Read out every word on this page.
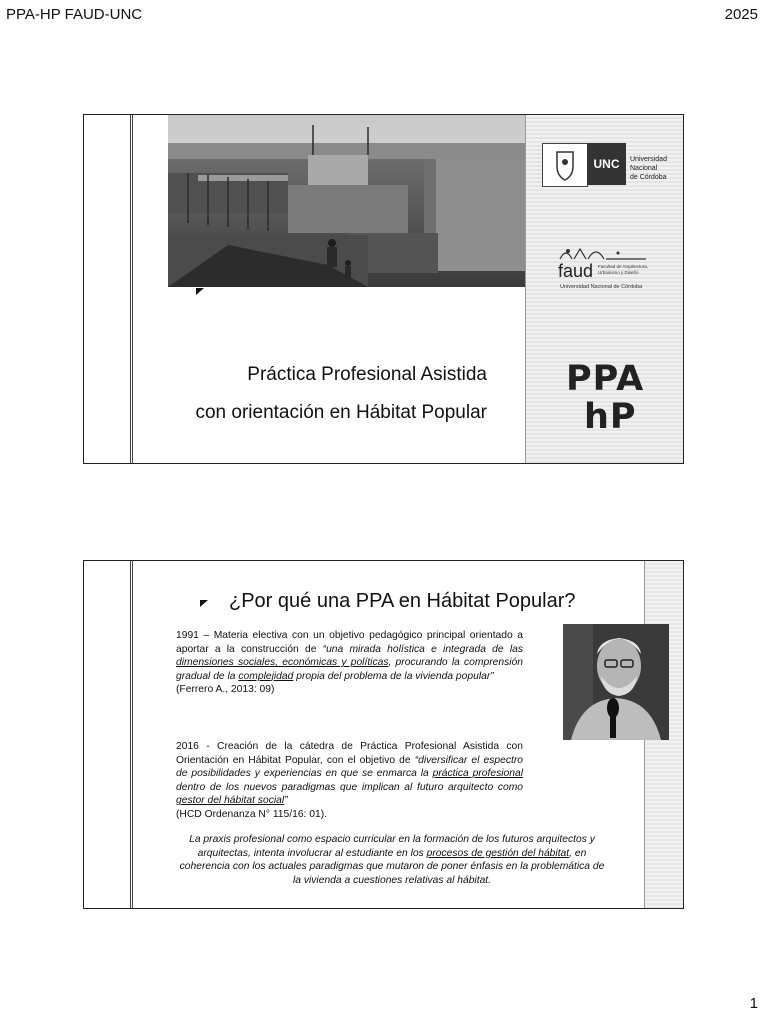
PPA-HP FAUD-UNC	2025
Práctica Profesional Asistida
con orientación en Hábitat Popular
UNC	Universidad
Nacional
de Córdoba
faud Facultad de Arquitectura,
Urbanismo y Diseño
Universidad Nacional de Córdoba
PPA
hP
¿Por qué una PPA en Hábitat Popular?
1991 – Materia electiva con un objetivo pedagógico principal orientado a aportar a la construcción de “una mirada holística e integrada de las dimensiones sociales, económicas y políticas, procurando la comprensión gradual de la complejidad propia del problema de la vivienda popular”
(Ferrero A., 2013: 09)
2016 - Creación de la cátedra de Práctica Profesional Asistida con Orientación en Hábitat Popular, con el objetivo de “diversificar el espectro de posibilidades y experiencias en que se enmarca la práctica profesional dentro de los nuevos paradigmas que implican al futuro arquitecto como gestor del hábitat social”
(HCD Ordenanza N° 115/16: 01).
La praxis profesional como espacio curricular en la formación de los futuros arquitectos y arquitectas, intenta involucrar al estudiante en los procesos de gestión del hábitat, en coherencia con los actuales paradigmas que mutaron de poner énfasis en la problemática de la vivienda a cuestiones relativas al hábitat.
1
